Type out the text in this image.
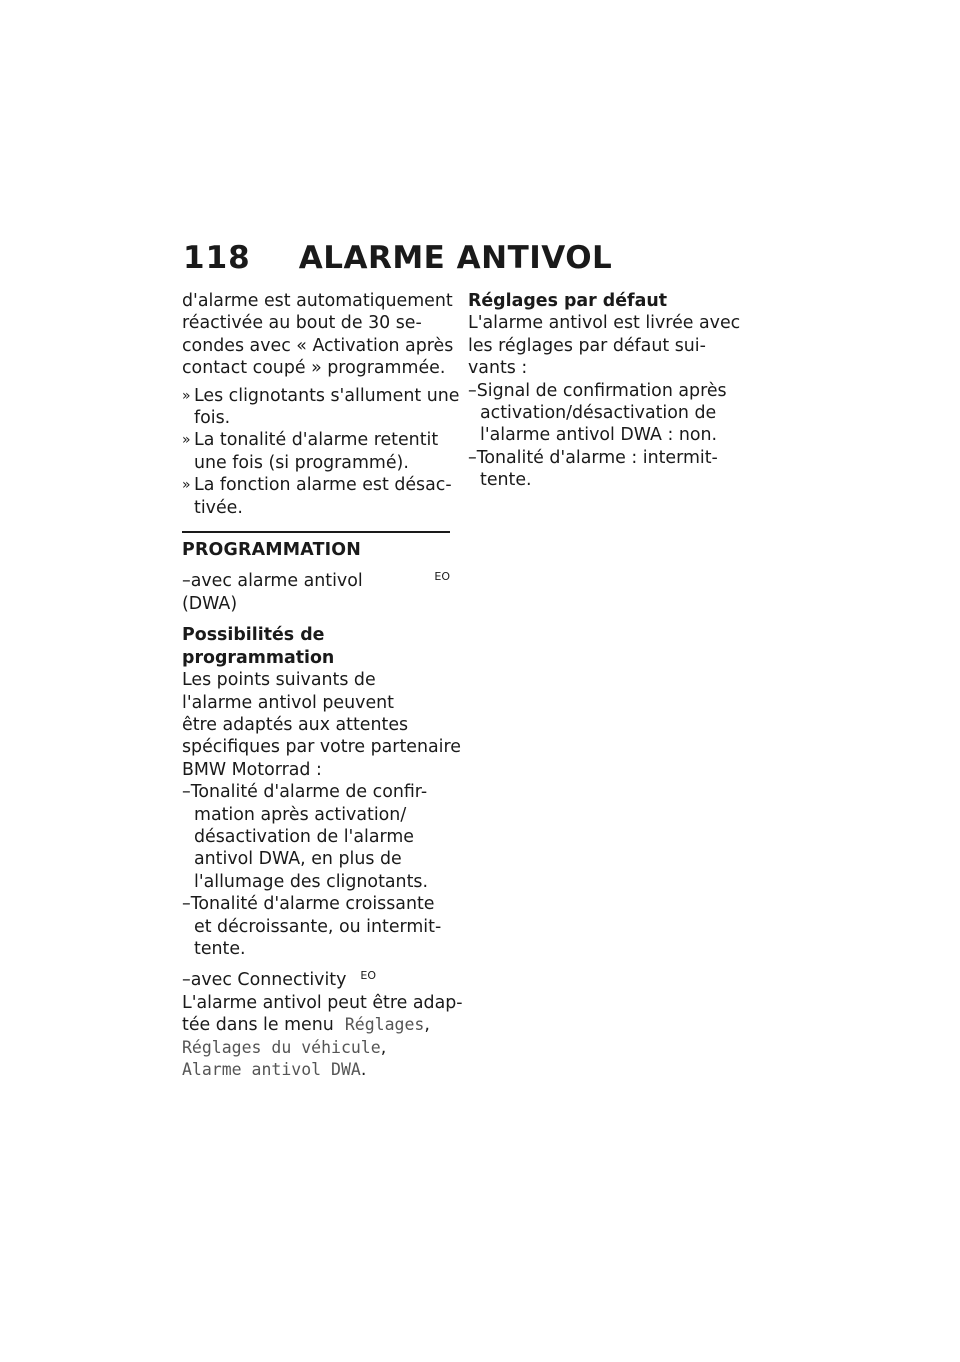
118 ALARME ANTIVOL
d'alarme est automatiquement
réactivée au bout de 30 se-
condes avec « Activation après
contact coupé » programmée.
» Les clignotants s'allument une
fois.
» La tonalité d'alarme retentit
une fois (si programmé).
» La fonction alarme est désac-
tivée.
PROGRAMMATION
–avec alarme antivol (DWA)
$^{EO}$
Possibilités de
programmation
Les points suivants de
l'alarme antivol peuvent
être adaptés aux attentes
spécifiques par votre partenaire
BMW Motorrad :
–Tonalité d'alarme de confir-
mation après activation/
désactivation de l'alarme
antivol DWA, en plus de
l'allumage des clignotants.
–Tonalité d'alarme croissante
et décroissante, ou intermit-
tente.
–avec Connectivity $^{EO}$
L'alarme antivol peut être adap-
tée dans le menu Réglages,
Réglages du véhicule,
Alarme antivol DWA.
Réglages par défaut
L'alarme antivol est livrée avec
les réglages par défaut sui-
vants :
–Signal de confirmation après
activation/désactivation de
l'alarme antivol DWA : non.
–Tonalité d'alarme : intermit-
tente.
